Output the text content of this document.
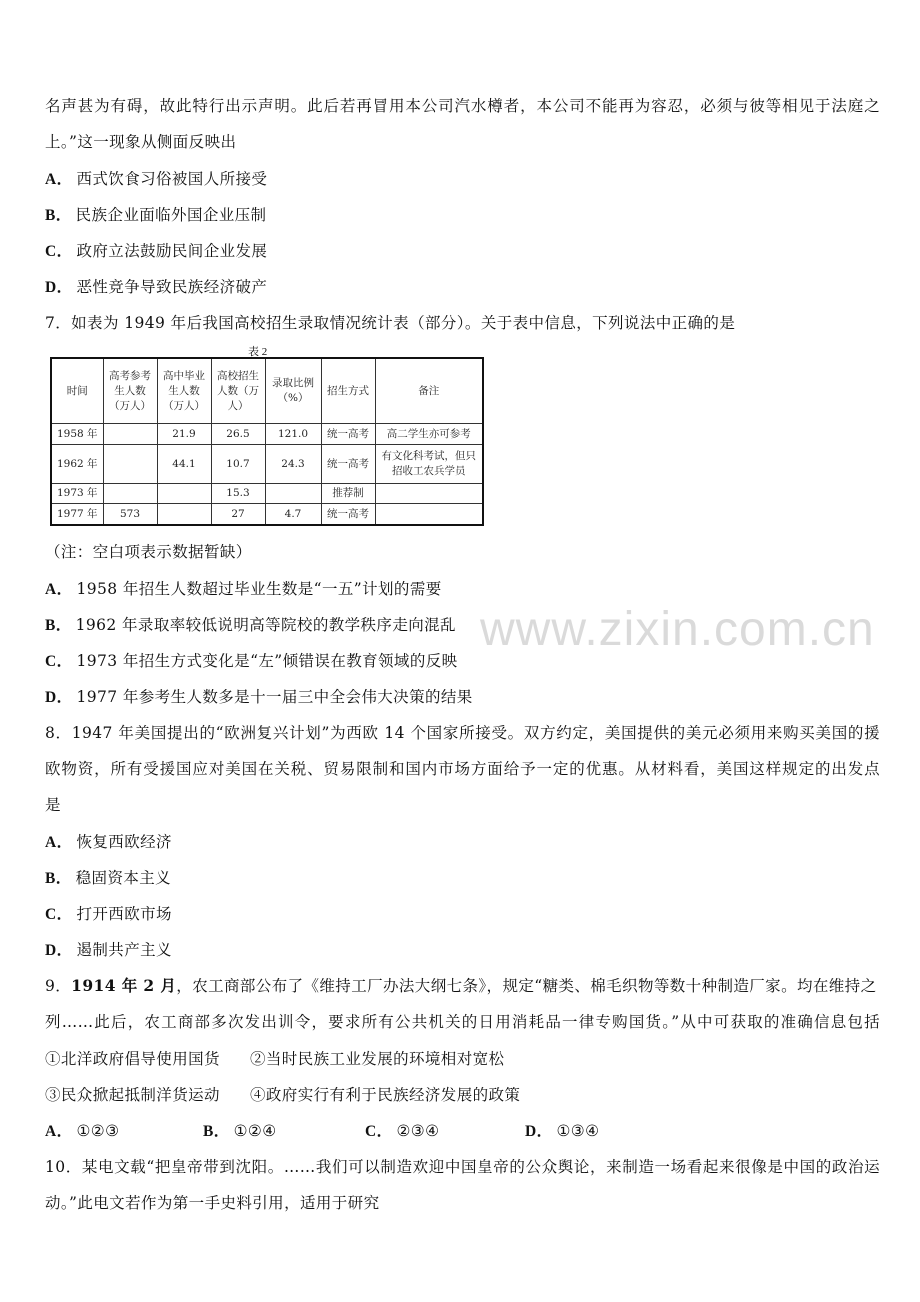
名声甚为有碍，故此特行出示声明。此后若再冒用本公司汽水樽者，本公司不能再为容忍，必须与彼等相见于法庭之
上。”这一现象从侧面反映出
A． 西式饮食习俗被国人所接受
B． 民族企业面临外国企业压制
C． 政府立法鼓励民间企业发展
D． 恶性竞争导致民族经济破产
7．如表为 1949 年后我国高校招生录取情况统计表（部分）。关于表中信息，下列说法中正确的是
表 2
时间	高考参考生人数（万人）	高中毕业生人数（万人）	高校招生人数（万人）	录取比例（%）	招生方式	备注
1958 年		21.9	26.5	121.0	统一高考	高二学生亦可参考
1962 年		44.1	10.7	24.3	统一高考	有文化科考试，但只招收工农兵学员
1973 年			15.3		推荐制	
1977 年	573		27	4.7	统一高考	
（注：空白项表示数据暂缺）
A． 1958 年招生人数超过毕业生数是“一五”计划的需要
B． 1962 年录取率较低说明高等院校的教学秩序走向混乱
C． 1973 年招生方式变化是“左”倾错误在教育领域的反映
D． 1977 年参考生人数多是十一届三中全会伟大决策的结果
www.zixin.com.cn
8．1947 年美国提出的“欧洲复兴计划”为西欧 14 个国家所接受。双方约定，美国提供的美元必须用来购买美国的援
欧物资，所有受援国应对美国在关税、贸易限制和国内市场方面给予一定的优惠。从材料看，美国这样规定的出发点
是
A． 恢复西欧经济
B． 稳固资本主义
C． 打开西欧市场
D． 遏制共产主义
9．1914 年 2 月，农工商部公布了《维持工厂办法大纲七条》，规定“糖类、棉毛织物等数十种制造厂家。均在维持之
列……此后，农工商部多次发出训令，要求所有公共机关的日用消耗品一律专购国货。”从中可获取的准确信息包括
①北洋政府倡导使用国货 ②当时民族工业发展的环境相对宽松
③民众掀起抵制洋货运动 ④政府实行有利于民族经济发展的政策
A． ①②③	B． ①②④	C． ②③④	D． ①③④
10．某电文载“把皇帝带到沈阳。……我们可以制造欢迎中国皇帝的公众舆论，来制造一场看起来很像是中国的政治运
动。”此电文若作为第一手史料引用，适用于研究
